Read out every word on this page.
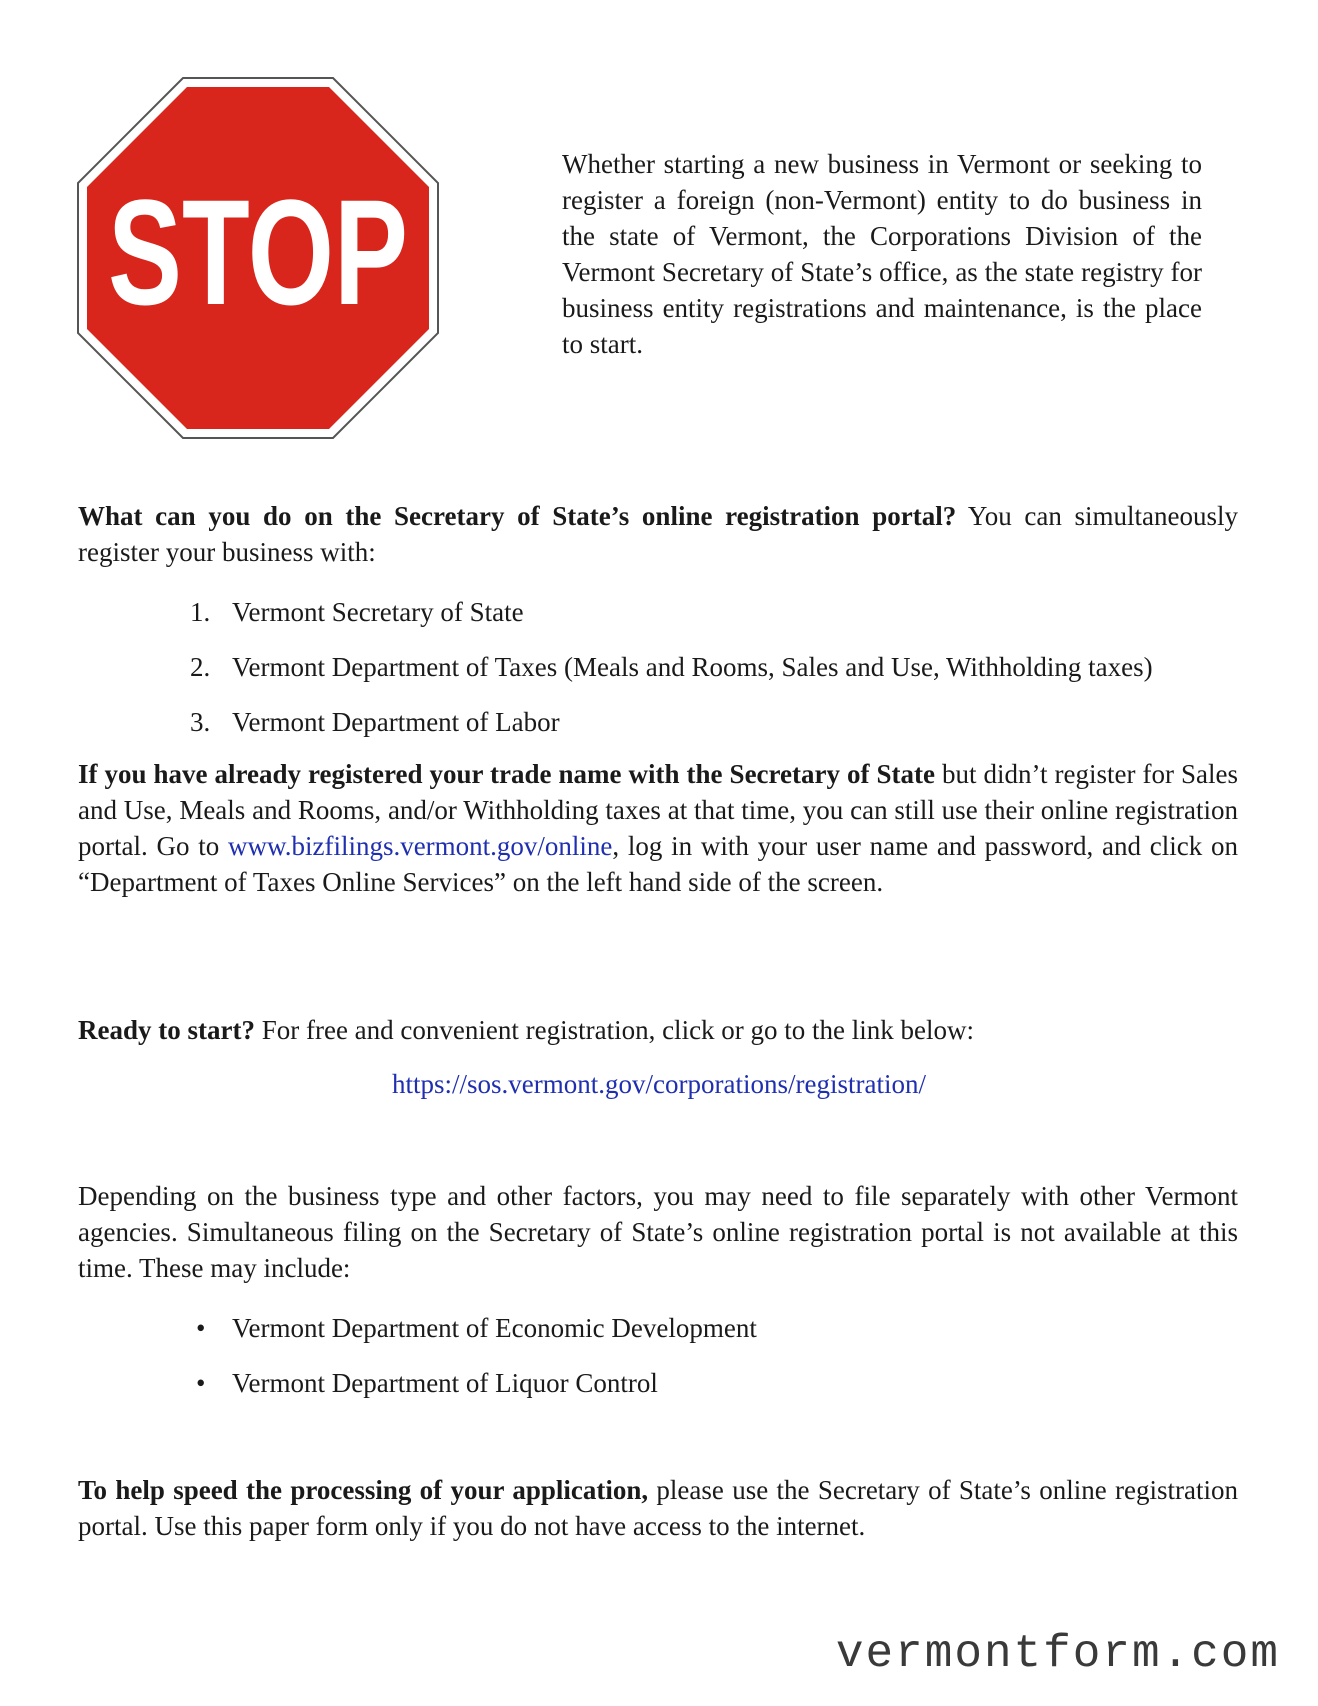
STOP
Whether starting a new business in Vermont or seeking to register a foreign (non-Vermont) entity to do business in the state of Vermont, the Corporations Division of the Vermont Secretary of State’s office, as the state registry for business entity registrations and maintenance, is the place to start.
What can you do on the Secretary of State’s online registration portal? You can simultaneously register your business with:
1. Vermont Secretary of State
2. Vermont Department of Taxes (Meals and Rooms, Sales and Use, Withholding taxes)
3. Vermont Department of Labor
If you have already registered your trade name with the Secretary of State but didn’t register for Sales and Use, Meals and Rooms, and/or Withholding taxes at that time, you can still use their online registration portal. Go to www.bizfilings.vermont.gov/online, log in with your user name and password, and click on “Department of Taxes Online Services” on the left hand side of the screen.
Ready to start? For free and convenient registration, click or go to the link below:
https://sos.vermont.gov/corporations/registration/
Depending on the business type and other factors, you may need to file separately with other Vermont agencies. Simultaneous filing on the Secretary of State’s online registration portal is not available at this time. These may include:
• Vermont Department of Economic Development
• Vermont Department of Liquor Control
To help speed the processing of your application, please use the Secretary of State’s online registration portal. Use this paper form only if you do not have access to the internet.
vermontform.com
